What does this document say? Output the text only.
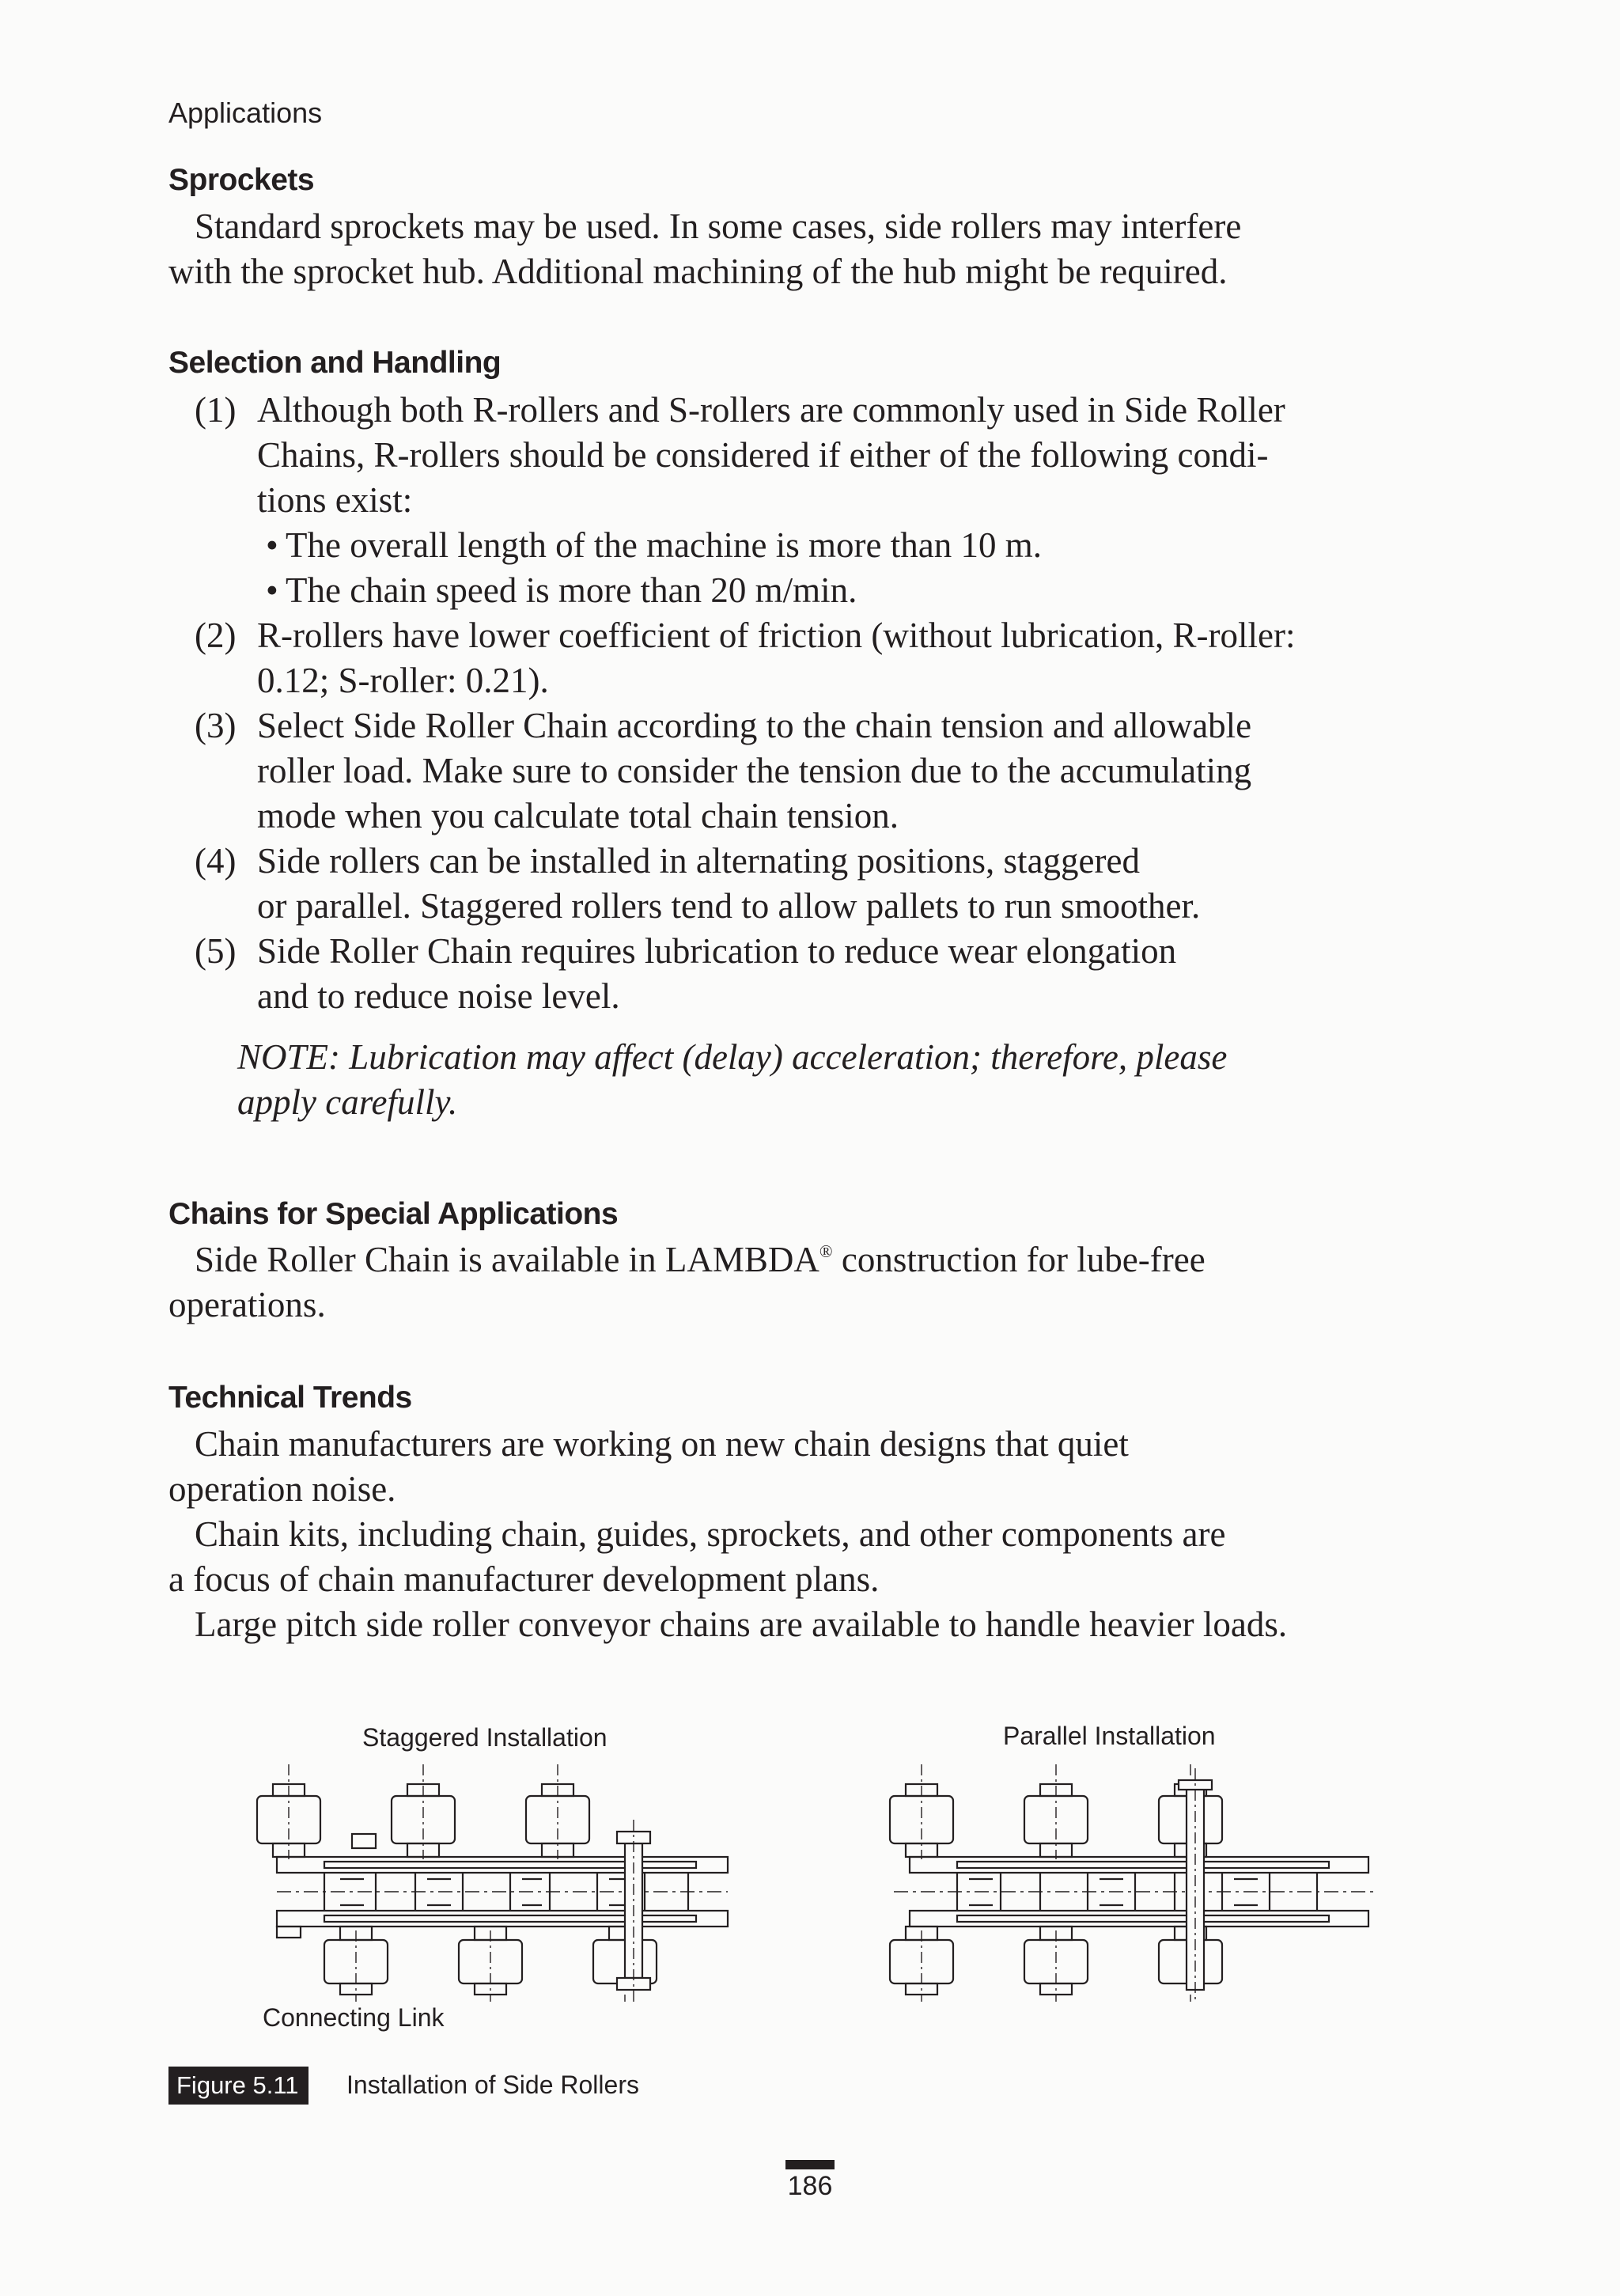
Applications
Sprockets
Standard sprockets may be used. In some cases, side rollers may interfere
with the sprocket hub. Additional machining of the hub might be required.
Selection and Handling
(1) Although both R-rollers and S-rollers are commonly used in Side Roller
Chains, R-rollers should be considered if either of the following condi-
tions exist:
• The overall length of the machine is more than 10 m.
• The chain speed is more than 20 m/min.
(2) R-rollers have lower coefficient of friction (without lubrication, R-roller:
0.12; S-roller: 0.21).
(3) Select Side Roller Chain according to the chain tension and allowable
roller load. Make sure to consider the tension due to the accumulating
mode when you calculate total chain tension.
(4) Side rollers can be installed in alternating positions, staggered
or parallel. Staggered rollers tend to allow pallets to run smoother.
(5) Side Roller Chain requires lubrication to reduce wear elongation
and to reduce noise level.
NOTE: Lubrication may affect (delay) acceleration; therefore, please
apply carefully.
Chains for Special Applications
Side Roller Chain is available in LAMBDA® construction for lube-free
operations.
Technical Trends
Chain manufacturers are working on new chain designs that quiet
operation noise.
Chain kits, including chain, guides, sprockets, and other components are
a focus of chain manufacturer development plans.
Large pitch side roller conveyor chains are available to handle heavier loads.
Staggered Installation	Parallel Installation
Connecting Link
Figure 5.11	Installation of Side Rollers
186
